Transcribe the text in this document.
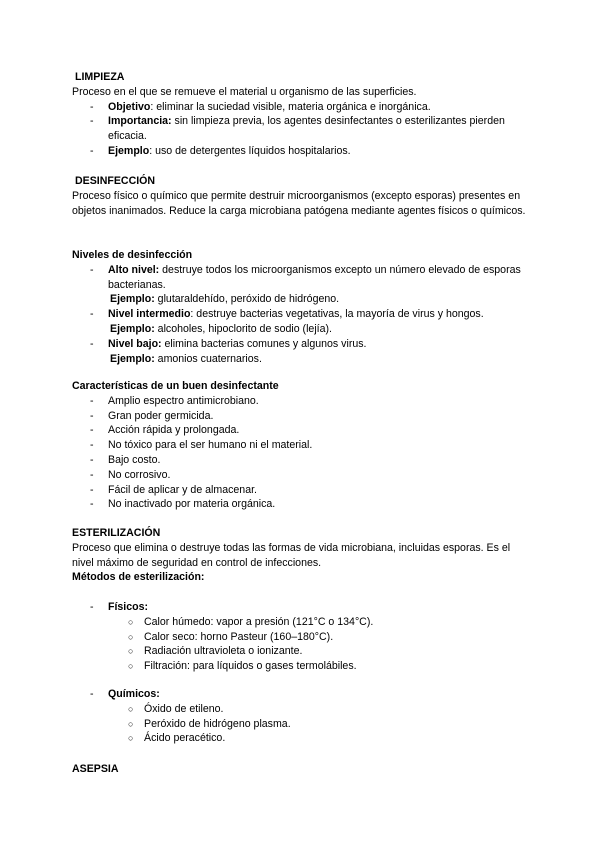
LIMPIEZA

Proceso en el que se remueve el material u organismo de las superficies.

- Objetivo: eliminar la suciedad visible, materia orgánica e inorgánica.
- Importancia: sin limpieza previa, los agentes desinfectantes o esterilizantes pierden eficacia.
- Ejemplo: uso de detergentes líquidos hospitalarios.

DESINFECCIÓN

Proceso físico o químico que permite destruir microorganismos (excepto esporas) presentes en objetos inanimados. Reduce la carga microbiana patógena mediante agentes físicos o químicos.

Niveles de desinfección

- Alto nivel: destruye todos los microorganismos excepto un número elevado de esporas bacterianas.
Ejemplo: glutaraldehído, peróxido de hidrógeno.
- Nivel intermedio: destruye bacterias vegetativas, la mayoría de virus y hongos.
Ejemplo: alcoholes, hipoclorito de sodio (lejía).
- Nivel bajo: elimina bacterias comunes y algunos virus.
Ejemplo: amonios cuaternarios.

Características de un buen desinfectante

- Amplio espectro antimicrobiano.
- Gran poder germicida.
- Acción rápida y prolongada.
- No tóxico para el ser humano ni el material.
- Bajo costo.
- No corrosivo.
- Fácil de aplicar y de almacenar.
- No inactivado por materia orgánica.

ESTERILIZACIÓN

Proceso que elimina o destruye todas las formas de vida microbiana, incluidas esporas. Es el nivel máximo de seguridad en control de infecciones.

Métodos de esterilización:

- Físicos:
○ Calor húmedo: vapor a presión (121°C o 134°C).
○ Calor seco: horno Pasteur (160–180°C).
○ Radiación ultravioleta o ionizante.
○ Filtración: para líquidos o gases termolábiles.
- Químicos:
○ Óxido de etileno.
○ Peróxido de hidrógeno plasma.
○ Ácido peracético.

ASEPSIA
